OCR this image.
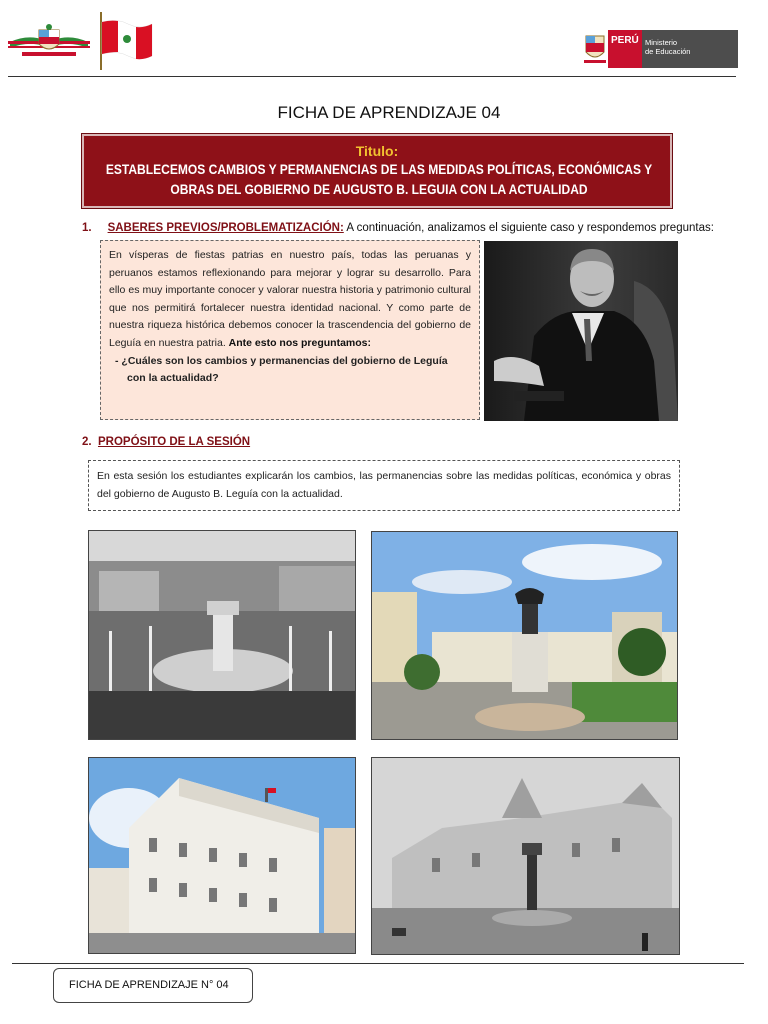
PERÚ Ministerio
de Educación
FICHA DE APRENDIZAJE 04
Titulo:
ESTABLECEMOS CAMBIOS Y PERMANENCIAS DE LAS MEDIDAS POLÍTICAS, ECONÓMICAS Y
OBRAS DEL GOBIERNO DE AUGUSTO B. LEGUIA CON LA ACTUALIDAD
1. SABERES PREVIOS/PROBLEMATIZACIÓN: A continuación, analizamos el siguiente caso y respondemos preguntas:
En vísperas de fiestas patrias en nuestro país, todas las peruanas y peruanos estamos reflexionando para mejorar y lograr su desarrollo. Para ello es muy importante conocer y valorar nuestra historia y patrimonio cultural que nos permitirá fortalecer nuestra identidad nacional. Y como parte de nuestra riqueza histórica debemos conocer la trascendencia del gobierno de Leguía en nuestra patria. Ante esto nos preguntamos:
- ¿Cuáles son los cambios y permanencias del gobierno de Leguía
con la actualidad?
2. PROPÓSITO DE LA SESIÓN
En esta sesión los estudiantes explicarán los cambios, las permanencias sobre las medidas políticas, económica y obras del gobierno de Augusto B. Leguía con la actualidad.
FICHA DE APRENDIZAJE N° 04
